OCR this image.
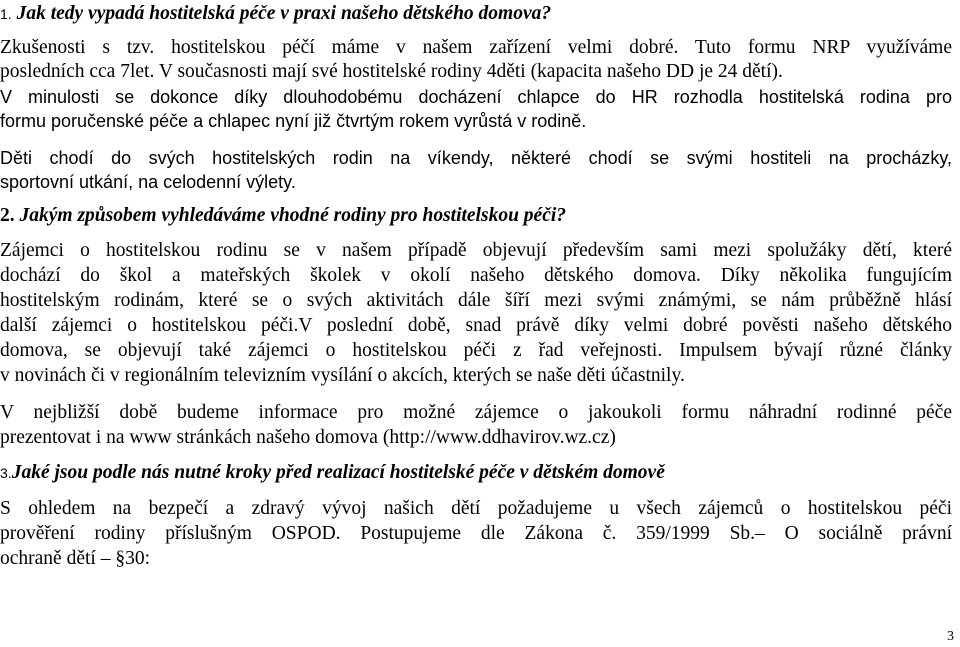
1. Jak tedy vypadá hostitelská péče v praxi našeho dětského domova?
Zkušenosti s tzv. hostitelskou péčí máme v našem zařízení velmi dobré. Tuto formu NRP využíváme
posledních cca 7let. V současnosti mají své hostitelské rodiny 4děti (kapacita našeho DD je 24 dětí).
V minulosti se dokonce díky dlouhodobému docházení chlapce do HR rozhodla hostitelská rodina pro
formu poručenské péče a chlapec nyní již čtvrtým rokem vyrůstá v rodině.
Děti chodí do svých hostitelských rodin na víkendy, některé chodí se svými hostiteli na procházky,
sportovní utkání, na celodenní výlety.
2. Jakým způsobem vyhledáváme vhodné rodiny pro hostitelskou péči?
Zájemci o hostitelskou rodinu se v našem případě objevují především sami mezi spolužáky dětí, které
dochází do škol a mateřských školek v okolí našeho dětského domova. Díky několika fungujícím
hostitelským rodinám, které se o svých aktivitách dále šíří mezi svými známými, se nám průběžně hlásí
další zájemci o hostitelskou péči.V poslední době, snad právě díky velmi dobré pověsti našeho dětského
domova, se objevují také zájemci o hostitelskou péči z řad veřejnosti. Impulsem bývají různé články
v novinách či v regionálním televizním vysílání o akcích, kterých se naše děti účastnily.
V nejbližší době budeme informace pro možné zájemce o jakoukoli formu náhradní rodinné péče
prezentovat i na www stránkách našeho domova (http://www.ddhavirov.wz.cz)
3.Jaké jsou podle nás nutné kroky před realizací hostitelské péče v dětském domově
S ohledem na bezpečí a zdravý vývoj našich dětí požadujeme u všech zájemců o hostitelskou péči
prověření rodiny příslušným OSPOD. Postupujeme dle Zákona č. 359/1999 Sb.– O sociálně právní
ochraně dětí – §30:
3
